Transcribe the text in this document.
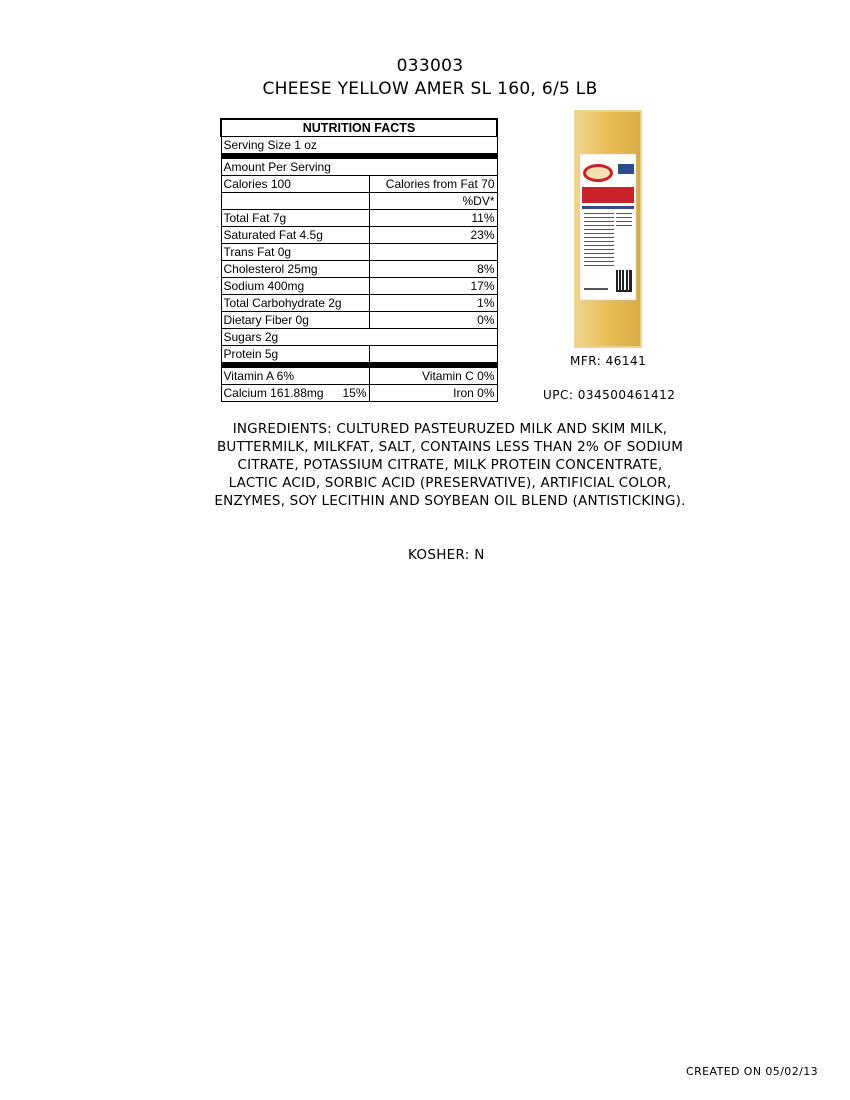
033003
CHEESE YELLOW AMER SL 160, 6/5 LB
NUTRITION FACTS	
Serving Size 1 oz	
Amount Per Serving	
Calories 100	Calories from Fat 70
	%DV*
Total Fat 7g	11%
Saturated Fat 4.5g	23%
Trans Fat 0g	
Cholesterol 25mg	8%
Sodium 400mg	17%
Total Carbohydrate 2g	1%
Dietary Fiber 0g	0%
Sugars 2g	
Protein 5g	
Vitamin A 6%	Vitamin C 0%

Calcium 161.88mg 15%	Iron 0%
MFR: 46141
UPC: 034500461412
INGREDIENTS: CULTURED PASTEURUZED MILK AND SKIM MILK, BUTTERMILK, MILKFAT, SALT, CONTAINS LESS THAN 2% OF SODIUM CITRATE, POTASSIUM CITRATE, MILK PROTEIN CONCENTRATE, LACTIC ACID, SORBIC ACID (PRESERVATIVE), ARTIFICIAL COLOR, ENZYMES, SOY LECITHIN AND SOYBEAN OIL BLEND (ANTISTICKING).
KOSHER: N
CREATED ON 05/02/13
